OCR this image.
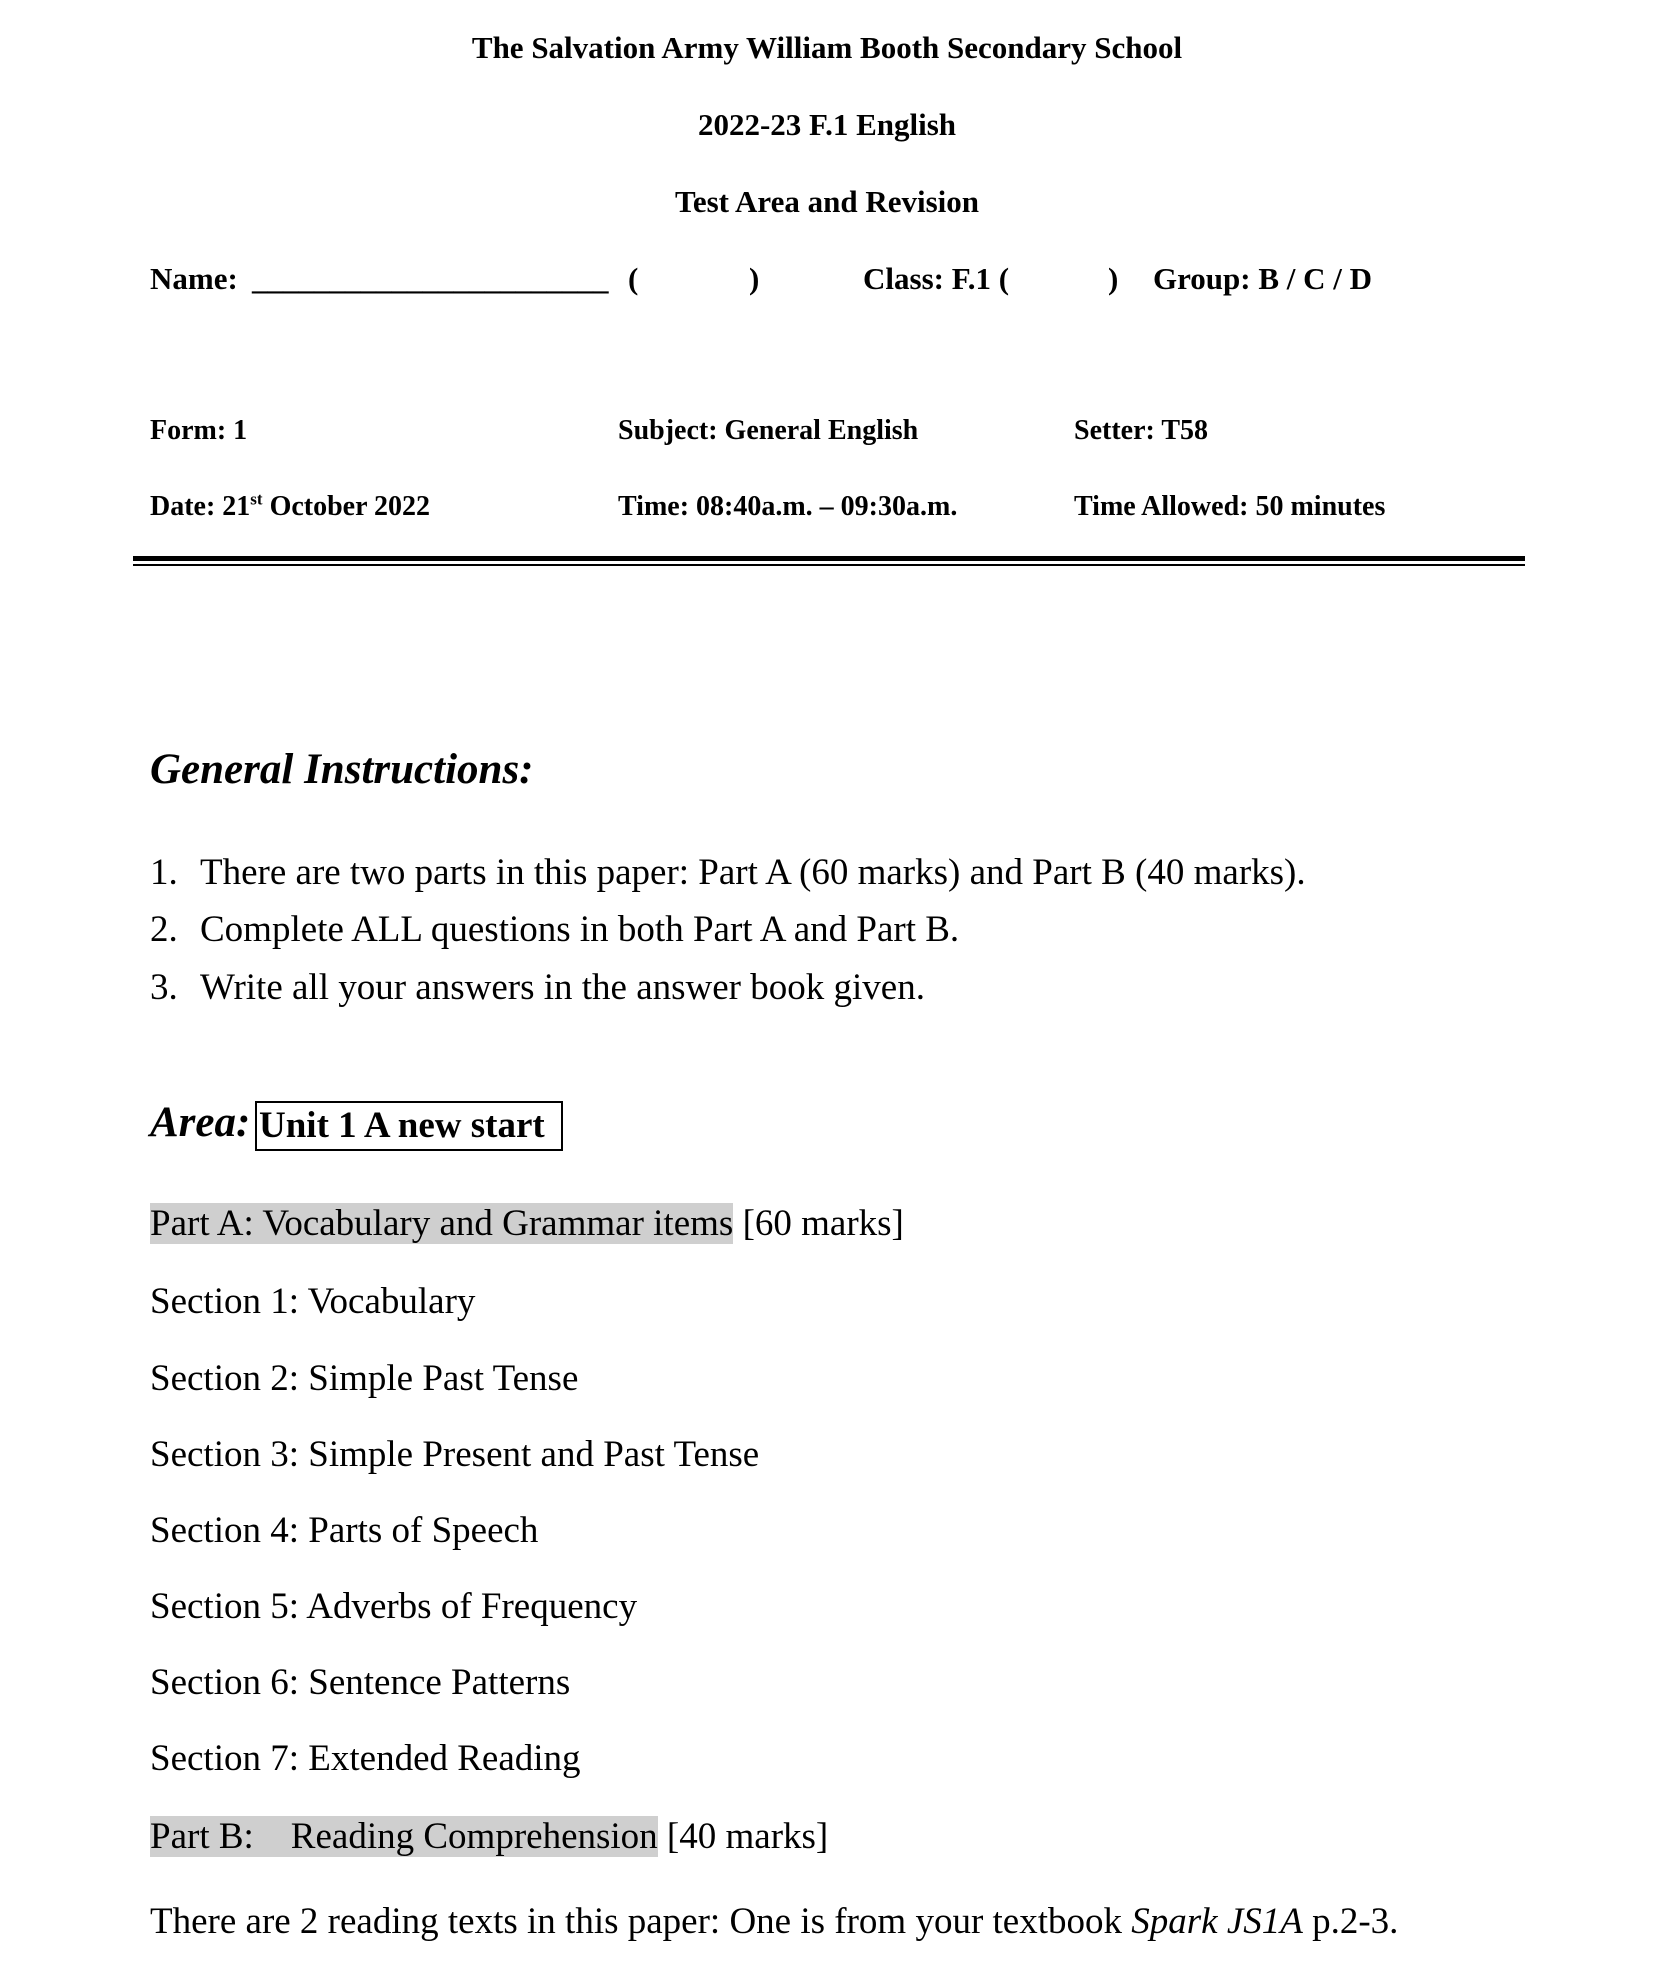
The Salvation Army William Booth Secondary School
2022-23 F.1 English
Test Area and Revision
Name: _______________________ (	)	Class: F.1 (	) Group: B / C / D
Form: 1	Subject: General English	Setter: T58
Date: 21st October 2022	Time: 08:40a.m. – 09:30a.m.	Time Allowed: 50 minutes
General Instructions:
1. There are two parts in this paper: Part A (60 marks) and Part B (40 marks).
2. Complete ALL questions in both Part A and Part B.
3. Write all your answers in the answer book given.
Area: Unit 1 A new start
Part A: Vocabulary and Grammar items [60 marks]
Section 1: Vocabulary
Section 2: Simple Past Tense
Section 3: Simple Present and Past Tense
Section 4: Parts of Speech
Section 5: Adverbs of Frequency
Section 6: Sentence Patterns
Section 7: Extended Reading
Part B:    Reading Comprehension [40 marks]
There are 2 reading texts in this paper: One is from your textbook Spark JS1A p.2-3.
